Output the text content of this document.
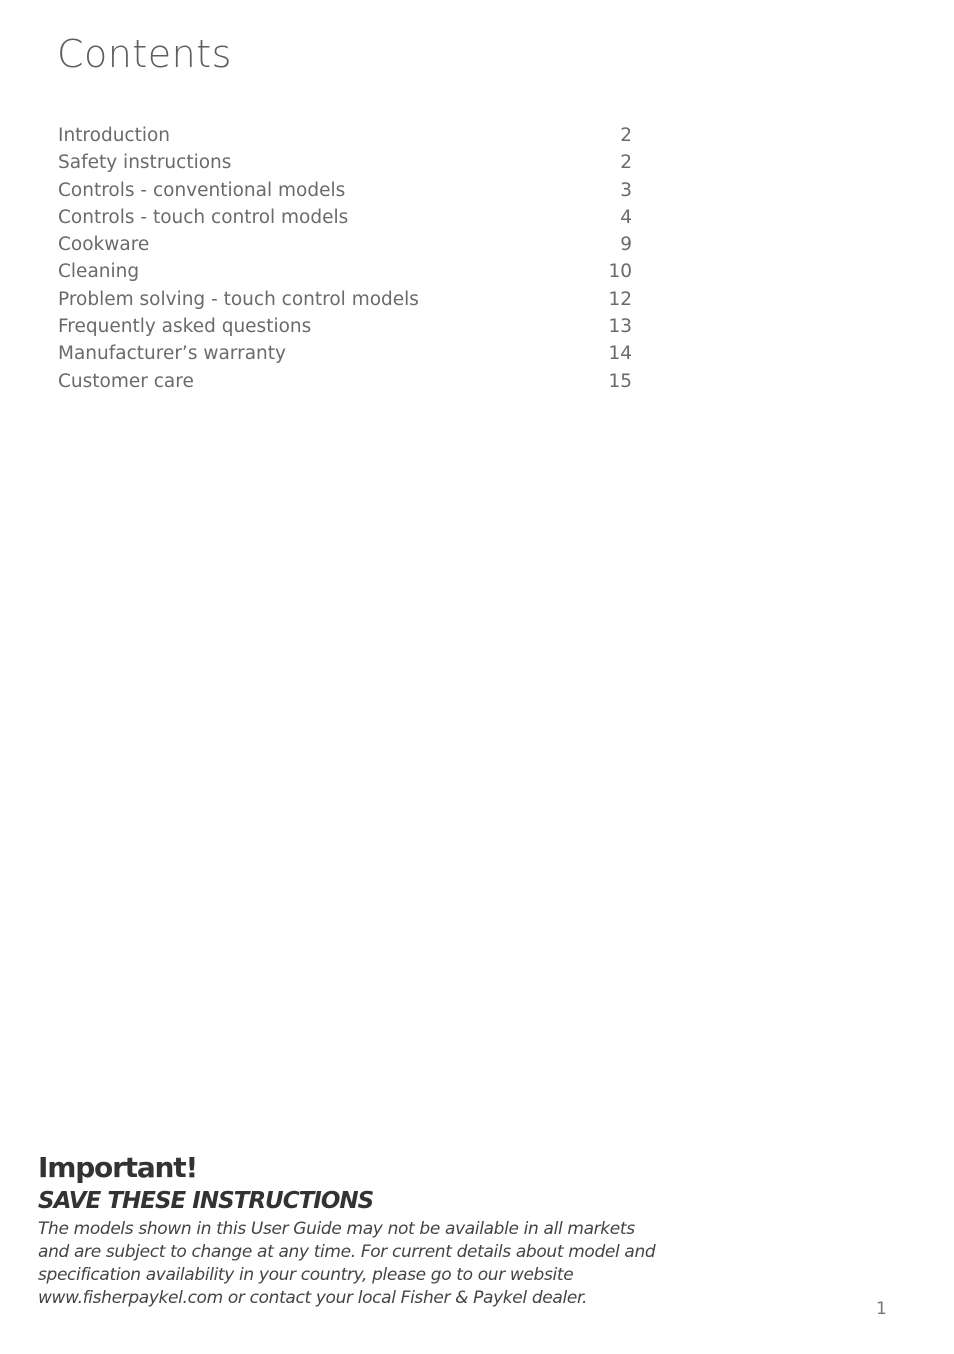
Contents
Introduction	2
Safety instructions	2
Controls - conventional models	3
Controls - touch control models	4
Cookware	9
Cleaning	10
Problem solving - touch control models	12
Frequently asked questions	13
Manufacturer’s warranty	14
Customer care	15
Important!
SAVE THESE INSTRUCTIONS

The models shown in this User Guide may not be available in all markets and are subject to change at any time. For current details about model and specification availability in your country, please go to our website www.fisherpaykel.com or contact your local Fisher & Paykel dealer.

1
